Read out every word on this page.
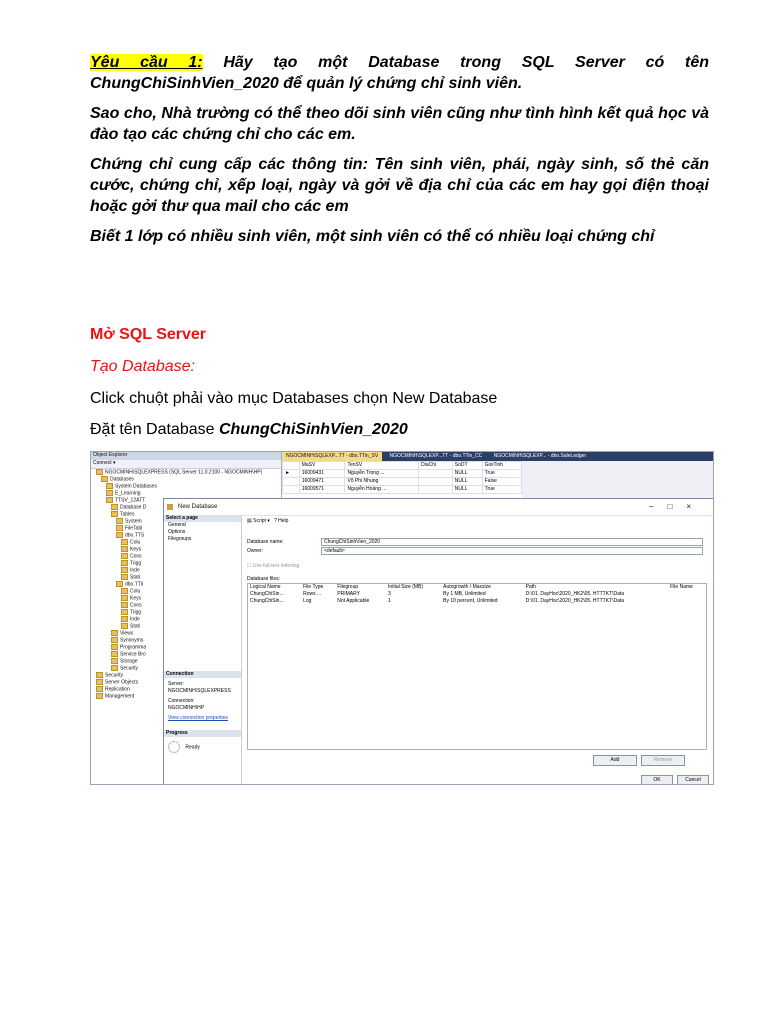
Yêu cầu 1: Hãy tạo một Database trong SQL Server có tên ChungChiSinhVien_2020 để quản lý chứng chỉ sinh viên.

Sao cho, Nhà trường có thể theo dõi sinh viên cũng như tình hình kết quả học và đào tạo các chứng chỉ cho các em.

Chứng chỉ cung cấp các thông tin: Tên sinh viên, phái, ngày sinh, số thẻ căn cước, chứng chỉ, xếp loại, ngày và gởi về địa chỉ của các em hay gọi điện thoại hoặc gởi thư qua mail cho các em

Biết 1 lớp có nhiều sinh viên, một sinh viên có thể có nhiều loại chứng chỉ

Mở SQL Server

Tạo Database:

Click chuột phải vào mục Databases chọn New Database

Đặt tên Database ChungChiSinhVien_2020

Object Explorer
Connect ▾
NGOCMINH\SQLEXPRESS (SQL Server 11.0.2100 - NGOCMINH\HP)
Databases
System Databases
E_Learning
TTSV_12ATT
Database D
Tables
System
FileTabl
dbo.TTS
Colu
Keys
Cons
Trigg
Inde
Stati
dbo.TTli
Colu
Keys
Cons
Trigg
Inde
Stati
Views
Synonyms
Programma
Service Bro
Storage
Security
Security
Server Objects
Replication
Management
NGOCMINH\SQLEXP...TT - dbo.TTin_SV NGOCMINH\SQLEXP...TT - dbo.TTin_CC NGOCMINH\SQLEXP... - dbo.SaleLedger
	MaSV	TenSV	DiaChi	SoDT	GioiTinh
►	16009431	Nguyễn Trọng ...		NULL	True
	16009471	Võ Phi Nhung		NULL	False
	16009571	Nguyễn Hoàng ...		NULL	True
New Database	–□×
Select a page
General
Options
Filegroups
Connection
Server:
NGOCMINH\SQLEXPRESS
Connection:
NGOCMINH\HP
View connection properties
Progress
Ready
▤ Script ▾ ? Help
Database name:	ChungChiSinhVien_2020
Owner:	<default>
☐ Use full-text indexing
Database files:
Logical Name	File Type	Filegroup	Initial Size (MB)	Autogrowth / Maxsize	Path	File Name
ChungChiSin...	Rows ...	PRIMARY	3	By 1 MB, Unlimited	D:\01. DayHoc\2020_HK2\05. HTTTKT\Data	
ChungChiSin...	Log	Not Applicable	1	By 10 percent, Unlimited	D:\01. DayHoc\2020_HK2\05. HTTTKT\Data	
Add	Remove
OK	Cancel
